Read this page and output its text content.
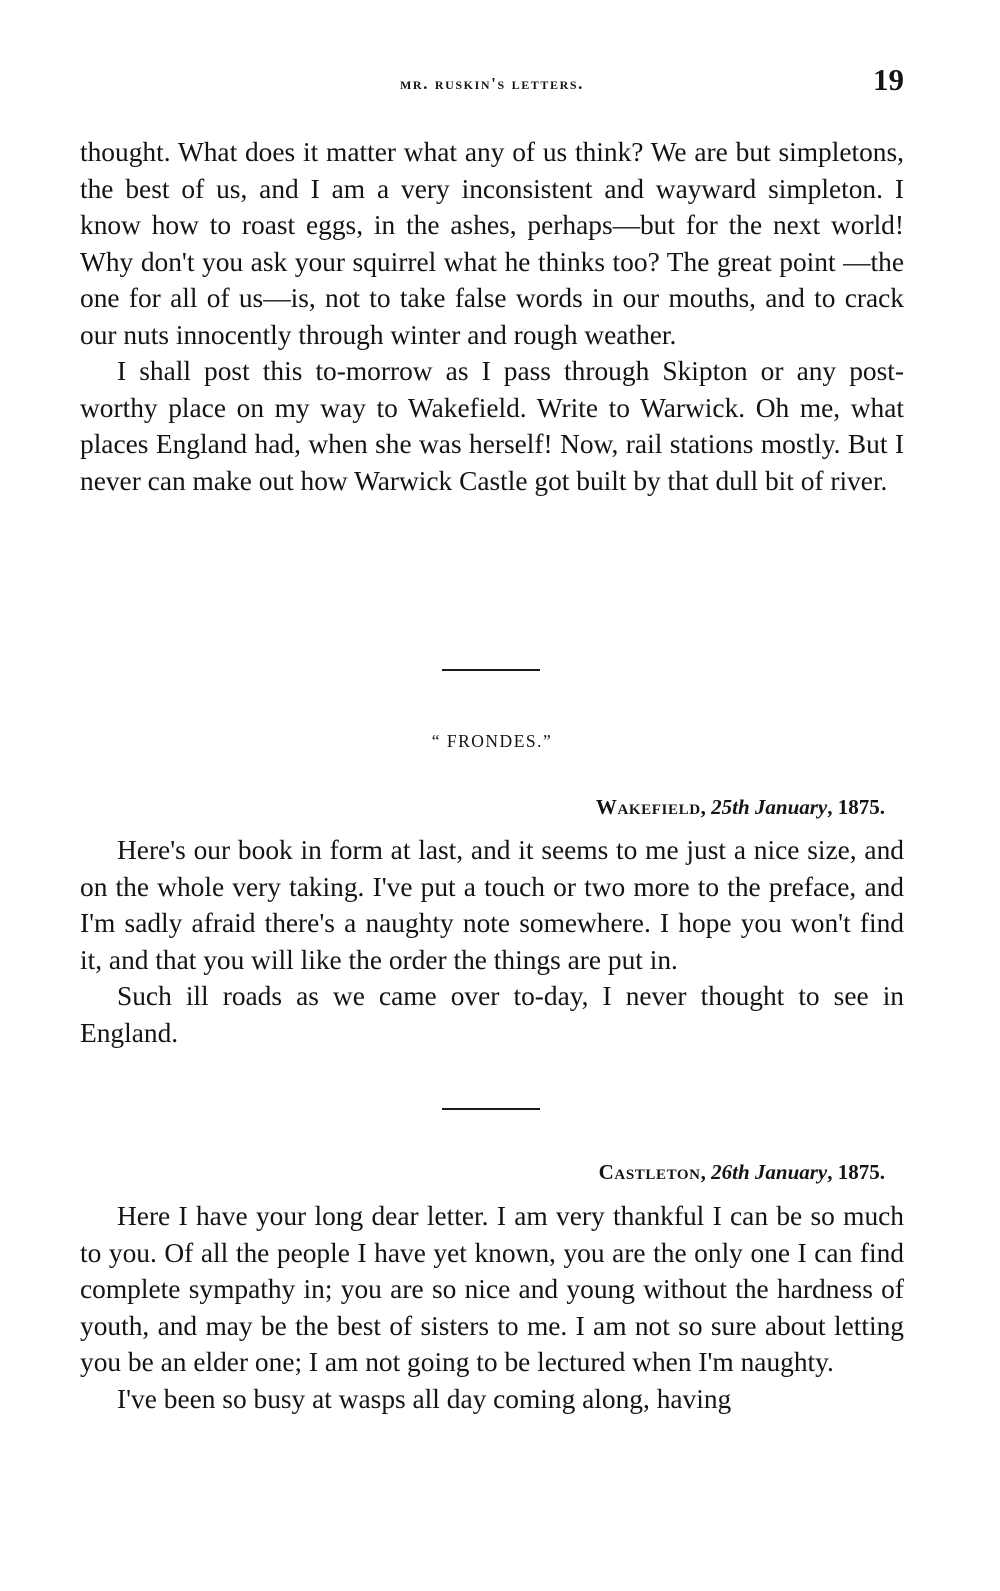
mr. ruskin's letters.	19

thought. What does it matter what any of us think? We are but simpletons, the best of us, and I am a very inconsistent and wayward simpleton. I know how to roast eggs, in the ashes, perhaps—but for the next world! Why don't you ask your squirrel what he thinks too? The great point —the one for all of us—is, not to take false words in our mouths, and to crack our nuts innocently through winter and rough weather.

I shall post this to-morrow as I pass through Skipton or any post-worthy place on my way to Wakefield. Write to Warwick. Oh me, what places England had, when she was herself! Now, rail stations mostly. But I never can make out how Warwick Castle got built by that dull bit of river.

“ FRONDES.”
Wakefield, 25th January, 1875.

Here's our book in form at last, and it seems to me just a nice size, and on the whole very taking. I've put a touch or two more to the preface, and I'm sadly afraid there's a naughty note somewhere. I hope you won't find it, and that you will like the order the things are put in.

Such ill roads as we came over to-day, I never thought to see in England.

Castleton, 26th January, 1875.

Here I have your long dear letter. I am very thankful I can be so much to you. Of all the people I have yet known, you are the only one I can find complete sympathy in; you are so nice and young without the hardness of youth, and may be the best of sisters to me. I am not so sure about letting you be an elder one; I am not going to be lectured when I'm naughty.

I've been so busy at wasps all day coming along, having
